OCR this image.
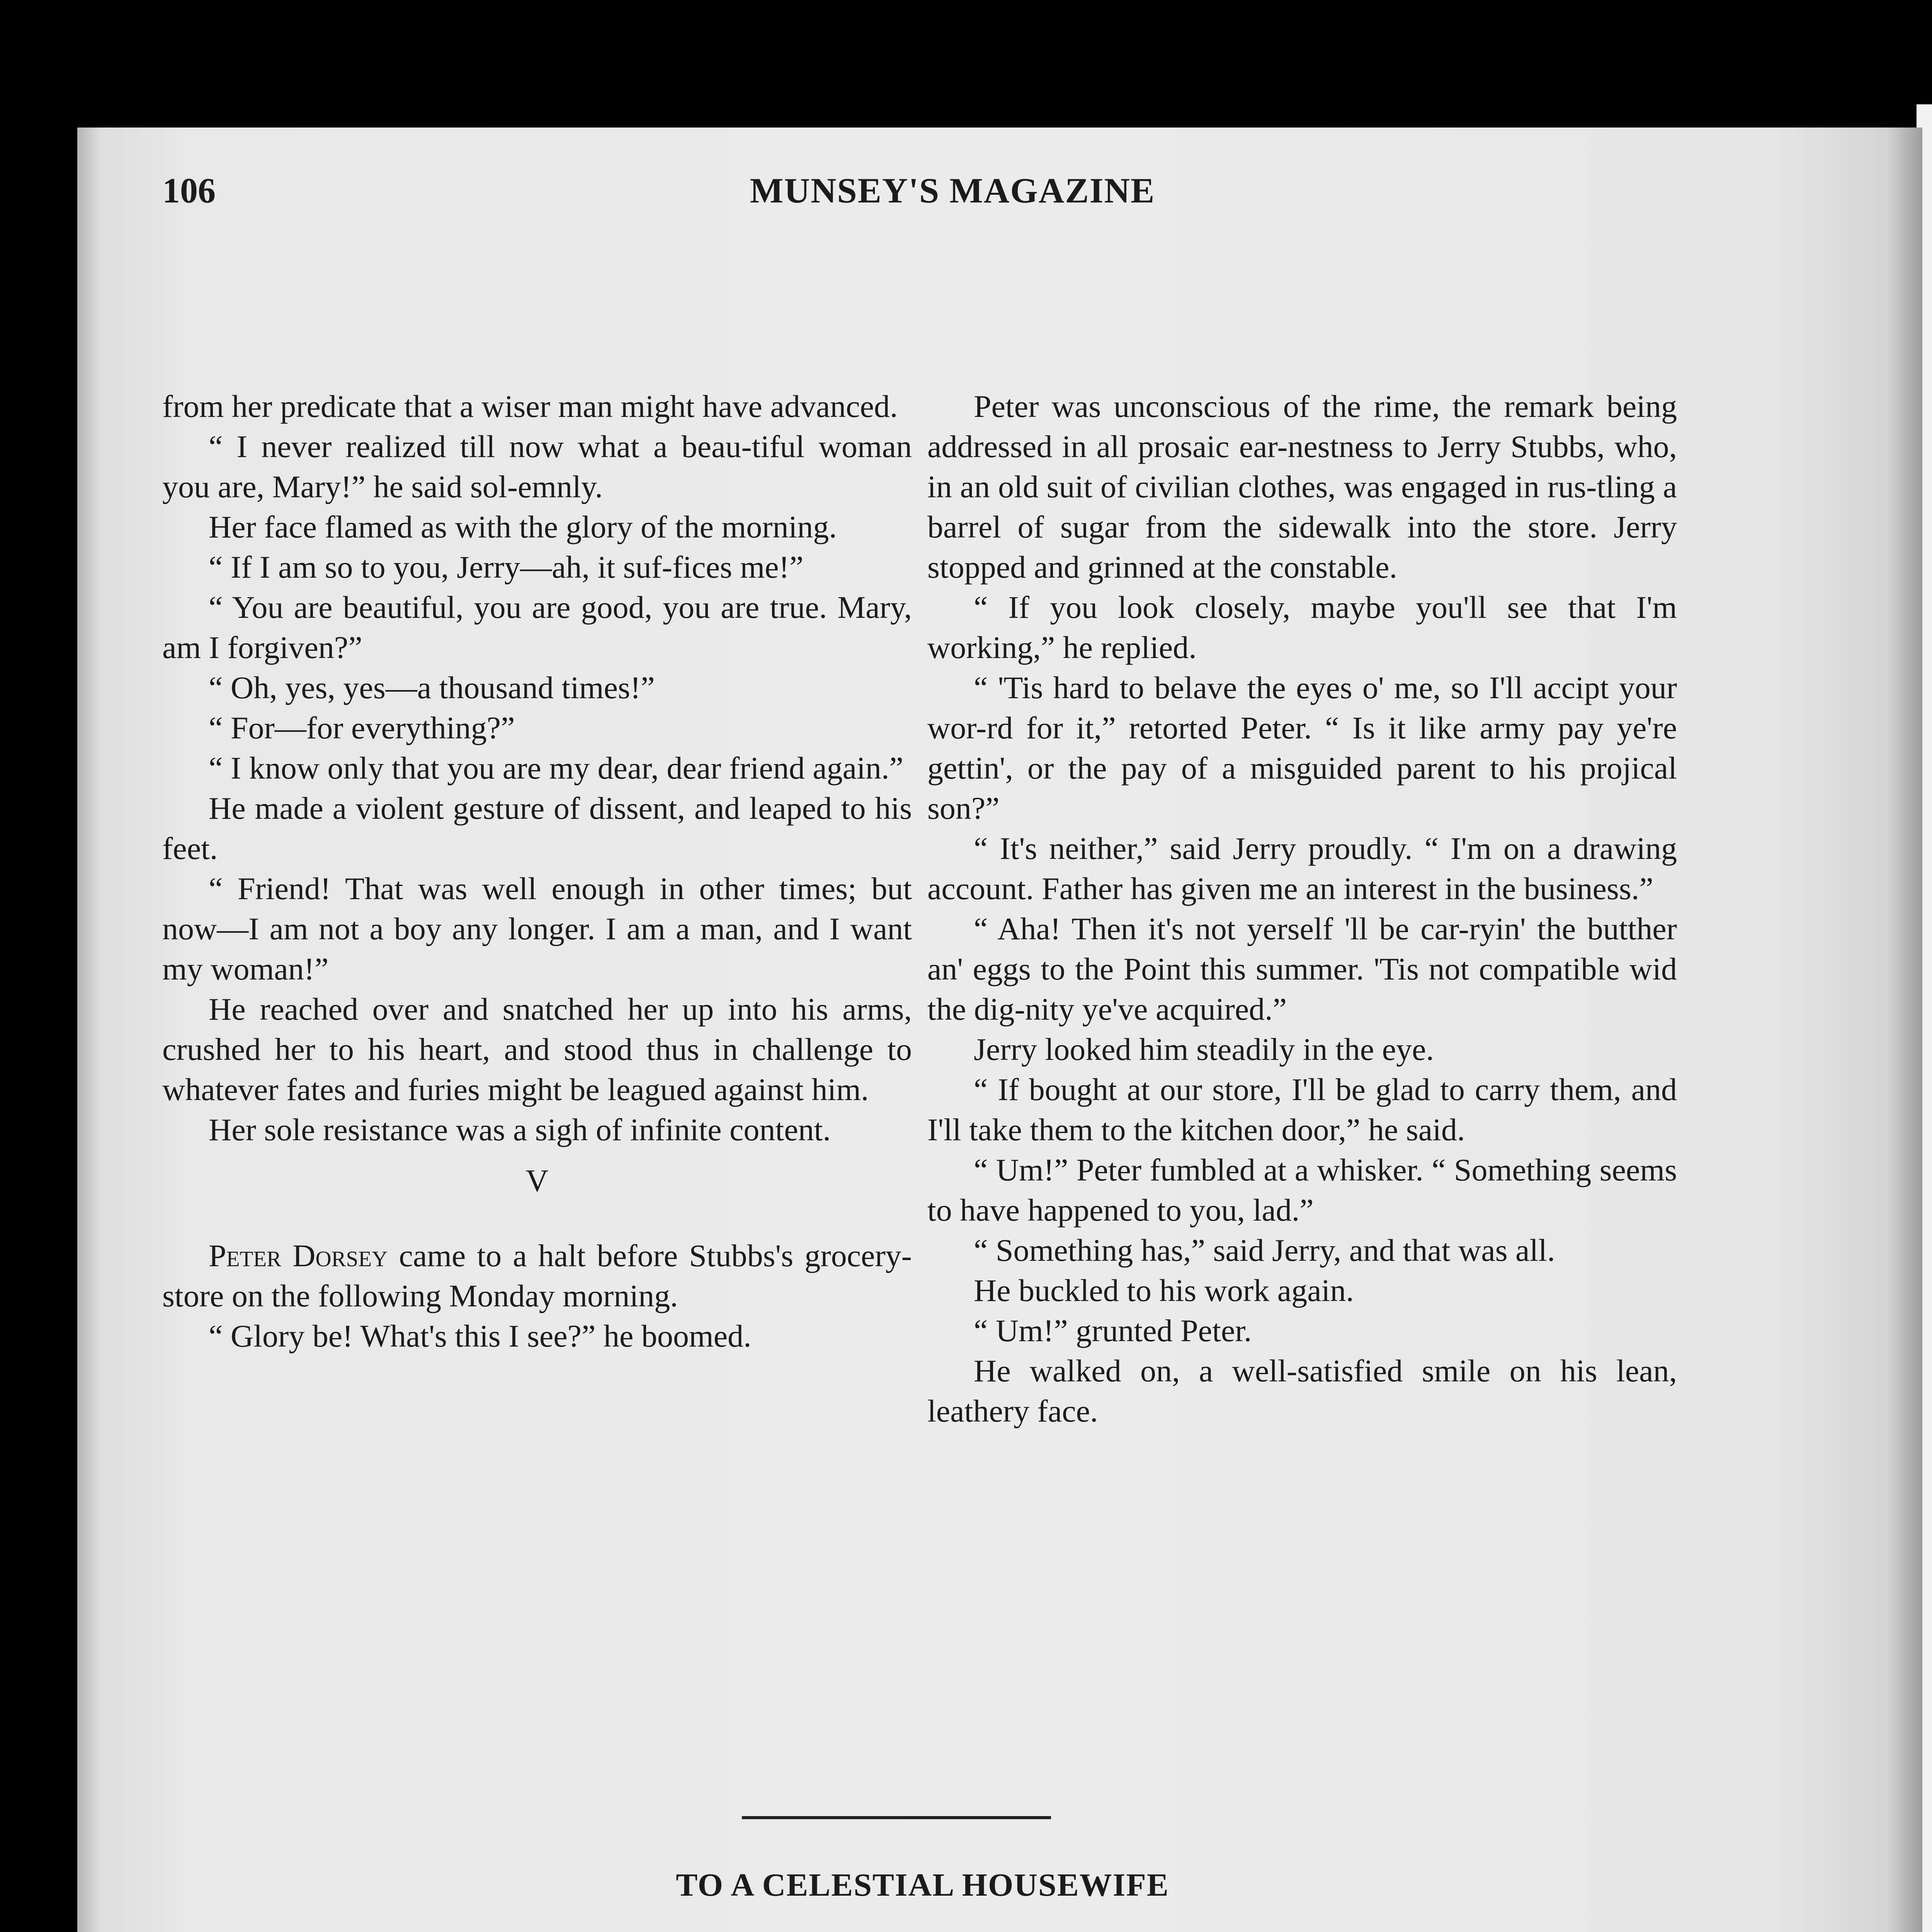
106	MUNSEY'S MAGAZINE

from her predicate that a wiser man might have advanced.

“ I never realized till now what a beau-tiful woman you are, Mary!” he said sol-emnly.

Her face flamed as with the glory of the morning.

“ If I am so to you, Jerry—ah, it suf-fices me!”

“ You are beautiful, you are good, you are true. Mary, am I forgiven?”

“ Oh, yes, yes—a thousand times!”

“ For—for everything?”

“ I know only that you are my dear, dear friend again.”

He made a violent gesture of dissent, and leaped to his feet.

“ Friend! That was well enough in other times; but now—I am not a boy any longer. I am a man, and I want my woman!”

He reached over and snatched her up into his arms, crushed her to his heart, and stood thus in challenge to whatever fates and furies might be leagued against him.

Her sole resistance was a sigh of infinite content.

V

Peter Dorsey came to a halt before Stubbs's grocery-store on the following Monday morning.

“ Glory be! What's this I see?” he boomed.

Peter was unconscious of the rime, the remark being addressed in all prosaic ear-nestness to Jerry Stubbs, who, in an old suit of civilian clothes, was engaged in rus-tling a barrel of sugar from the sidewalk into the store. Jerry stopped and grinned at the constable.

“ If you look closely, maybe you'll see that I'm working,” he replied.

“ 'Tis hard to belave the eyes o' me, so I'll accipt your wor-rd for it,” retorted Peter. “ Is it like army pay ye're gettin', or the pay of a misguided parent to his projical son?”

“ It's neither,” said Jerry proudly. “ I'm on a drawing account. Father has given me an interest in the business.”

“ Aha! Then it's not yerself 'll be car-ryin' the butther an' eggs to the Point this summer. 'Tis not compatible wid the dig-nity ye've acquired.”

Jerry looked him steadily in the eye.

“ If bought at our store, I'll be glad to carry them, and I'll take them to the kitchen door,” he said.

“ Um!” Peter fumbled at a whisker. “ Something seems to have happened to you, lad.”

“ Something has,” said Jerry, and that was all.

He buckled to his work again.

“ Um!” grunted Peter.

He walked on, a well-satisfied smile on his lean, leathery face.

TO A CELESTIAL HOUSEWIFE
